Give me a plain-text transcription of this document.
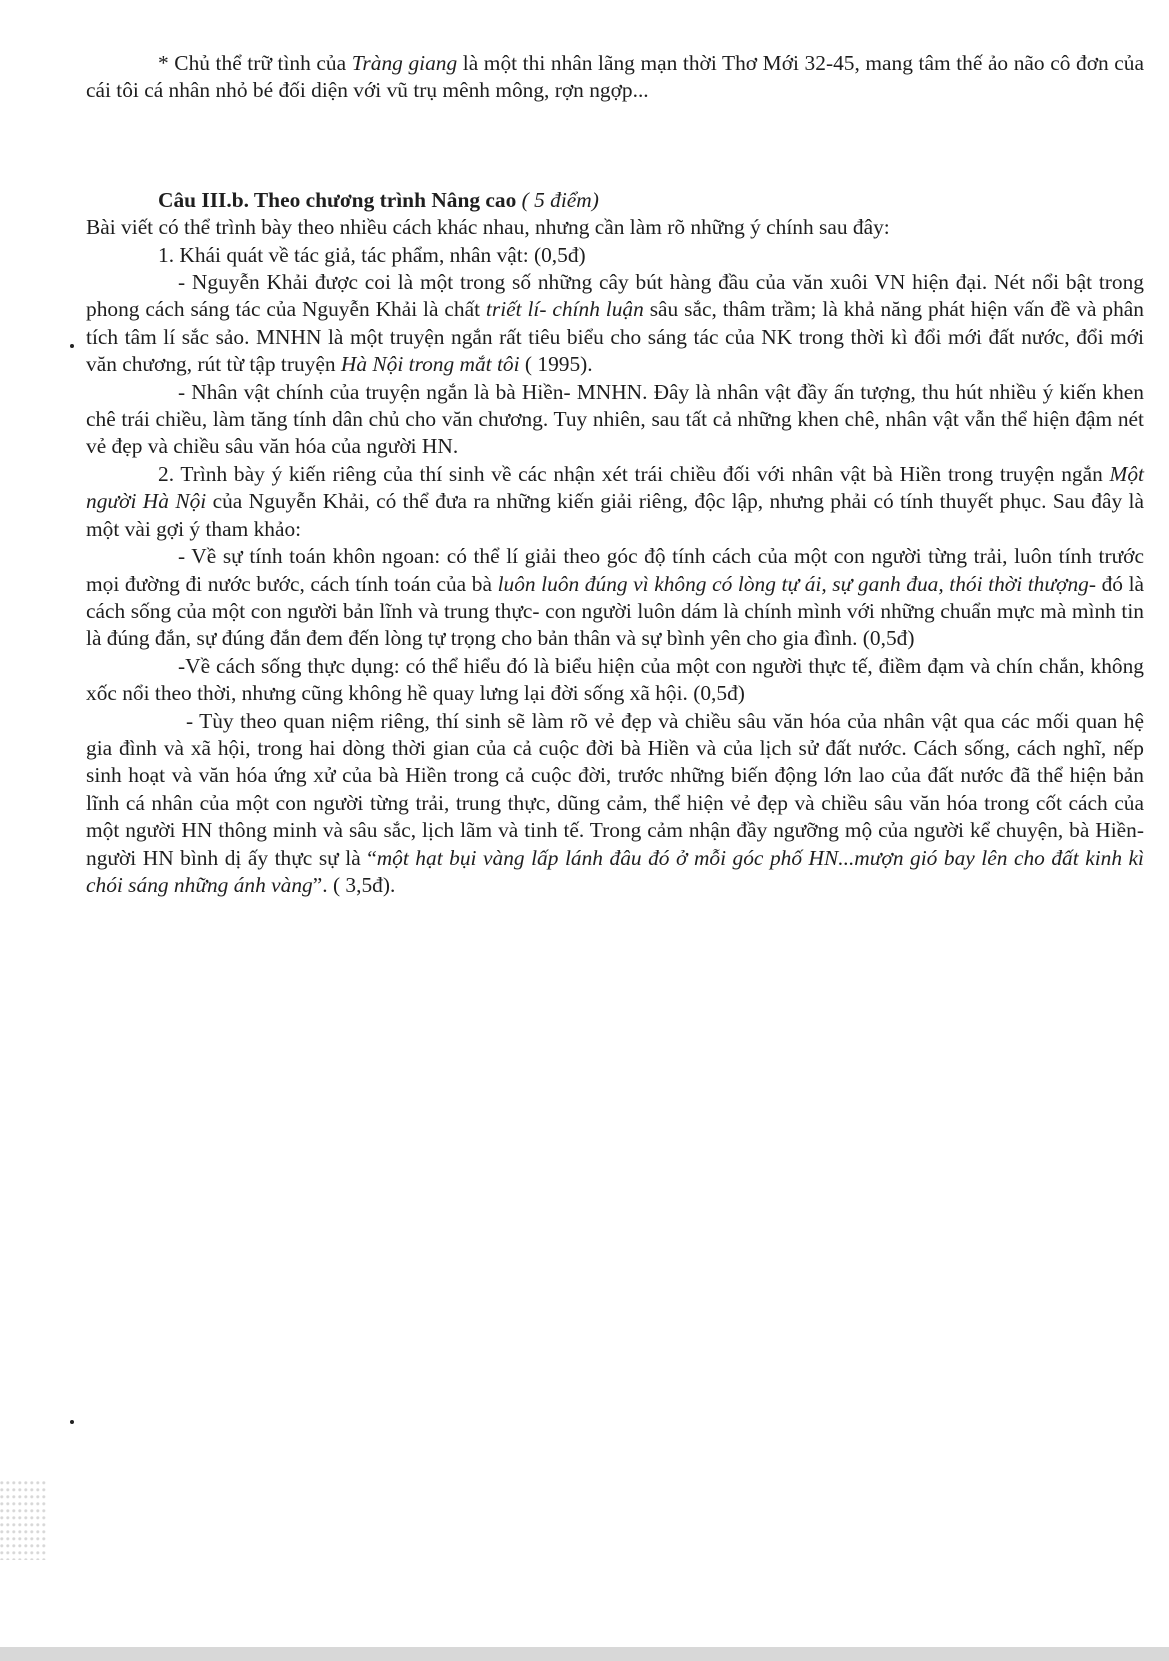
* Chủ thể trữ tình của Tràng giang là một thi nhân lãng mạn thời Thơ Mới 32-45, mang tâm thế ảo não cô đơn của cái tôi cá nhân nhỏ bé đối diện với vũ trụ mênh mông, rợn ngợp...

Câu III.b. Theo chương trình Nâng cao ( 5 điểm)

Bài viết có thể trình bày theo nhiều cách khác nhau, nhưng cần làm rõ những ý chính sau đây:

1. Khái quát về tác giả, tác phẩm, nhân vật: (0,5đ)

- Nguyễn Khải được coi là một trong số những cây bút hàng đầu của văn xuôi VN hiện đại. Nét nổi bật trong phong cách sáng tác của Nguyễn Khải là chất triết lí- chính luận sâu sắc, thâm trầm; là khả năng phát hiện vấn đề và phân tích tâm lí sắc sảo. MNHN là một truyện ngắn rất tiêu biểu cho sáng tác của NK trong thời kì đổi mới đất nước, đổi mới văn chương, rút từ tập truyện Hà Nội trong mắt tôi ( 1995).

- Nhân vật chính của truyện ngắn là bà Hiền- MNHN. Đây là nhân vật đầy ấn tượng, thu hút nhiều ý kiến khen chê trái chiều, làm tăng tính dân chủ cho văn chương. Tuy nhiên, sau tất cả những khen chê, nhân vật vẫn thể hiện đậm nét vẻ đẹp và chiều sâu văn hóa của người HN.

2. Trình bày ý kiến riêng của thí sinh về các nhận xét trái chiều đối với nhân vật bà Hiền trong truyện ngắn Một người Hà Nội của Nguyễn Khải, có thể đưa ra những kiến giải riêng, độc lập, nhưng phải có tính thuyết phục. Sau đây là một vài gợi ý tham khảo:

- Về sự tính toán khôn ngoan: có thể lí giải theo góc độ tính cách của một con người từng trải, luôn tính trước mọi đường đi nước bước, cách tính toán của bà luôn luôn đúng vì không có lòng tự ái, sự ganh đua, thói thời thượng- đó là cách sống của một con người bản lĩnh và trung thực- con người luôn dám là chính mình với những chuẩn mực mà mình tin là đúng đắn, sự đúng đắn đem đến lòng tự trọng cho bản thân và sự bình yên cho gia đình. (0,5đ)

-Về cách sống thực dụng: có thể hiểu đó là biểu hiện của một con người thực tế, điềm đạm và chín chắn, không xốc nổi theo thời, nhưng cũng không hề quay lưng lại đời sống xã hội. (0,5đ)

- Tùy theo quan niệm riêng, thí sinh sẽ làm rõ vẻ đẹp và chiều sâu văn hóa của nhân vật qua các mối quan hệ gia đình và xã hội, trong hai dòng thời gian của cả cuộc đời bà Hiền và của lịch sử đất nước. Cách sống, cách nghĩ, nếp sinh hoạt và văn hóa ứng xử của bà Hiền trong cả cuộc đời, trước những biến động lớn lao của đất nước đã thể hiện bản lĩnh cá nhân của một con người từng trải, trung thực, dũng cảm, thể hiện vẻ đẹp và chiều sâu văn hóa trong cốt cách của một người HN thông minh và sâu sắc, lịch lãm và tinh tế. Trong cảm nhận đầy ngưỡng mộ của người kể chuyện, bà Hiền- người HN bình dị ấy thực sự là “một hạt bụi vàng lấp lánh đâu đó ở mỗi góc phố HN...mượn gió bay lên cho đất kinh kì chói sáng những ánh vàng”. ( 3,5đ).
